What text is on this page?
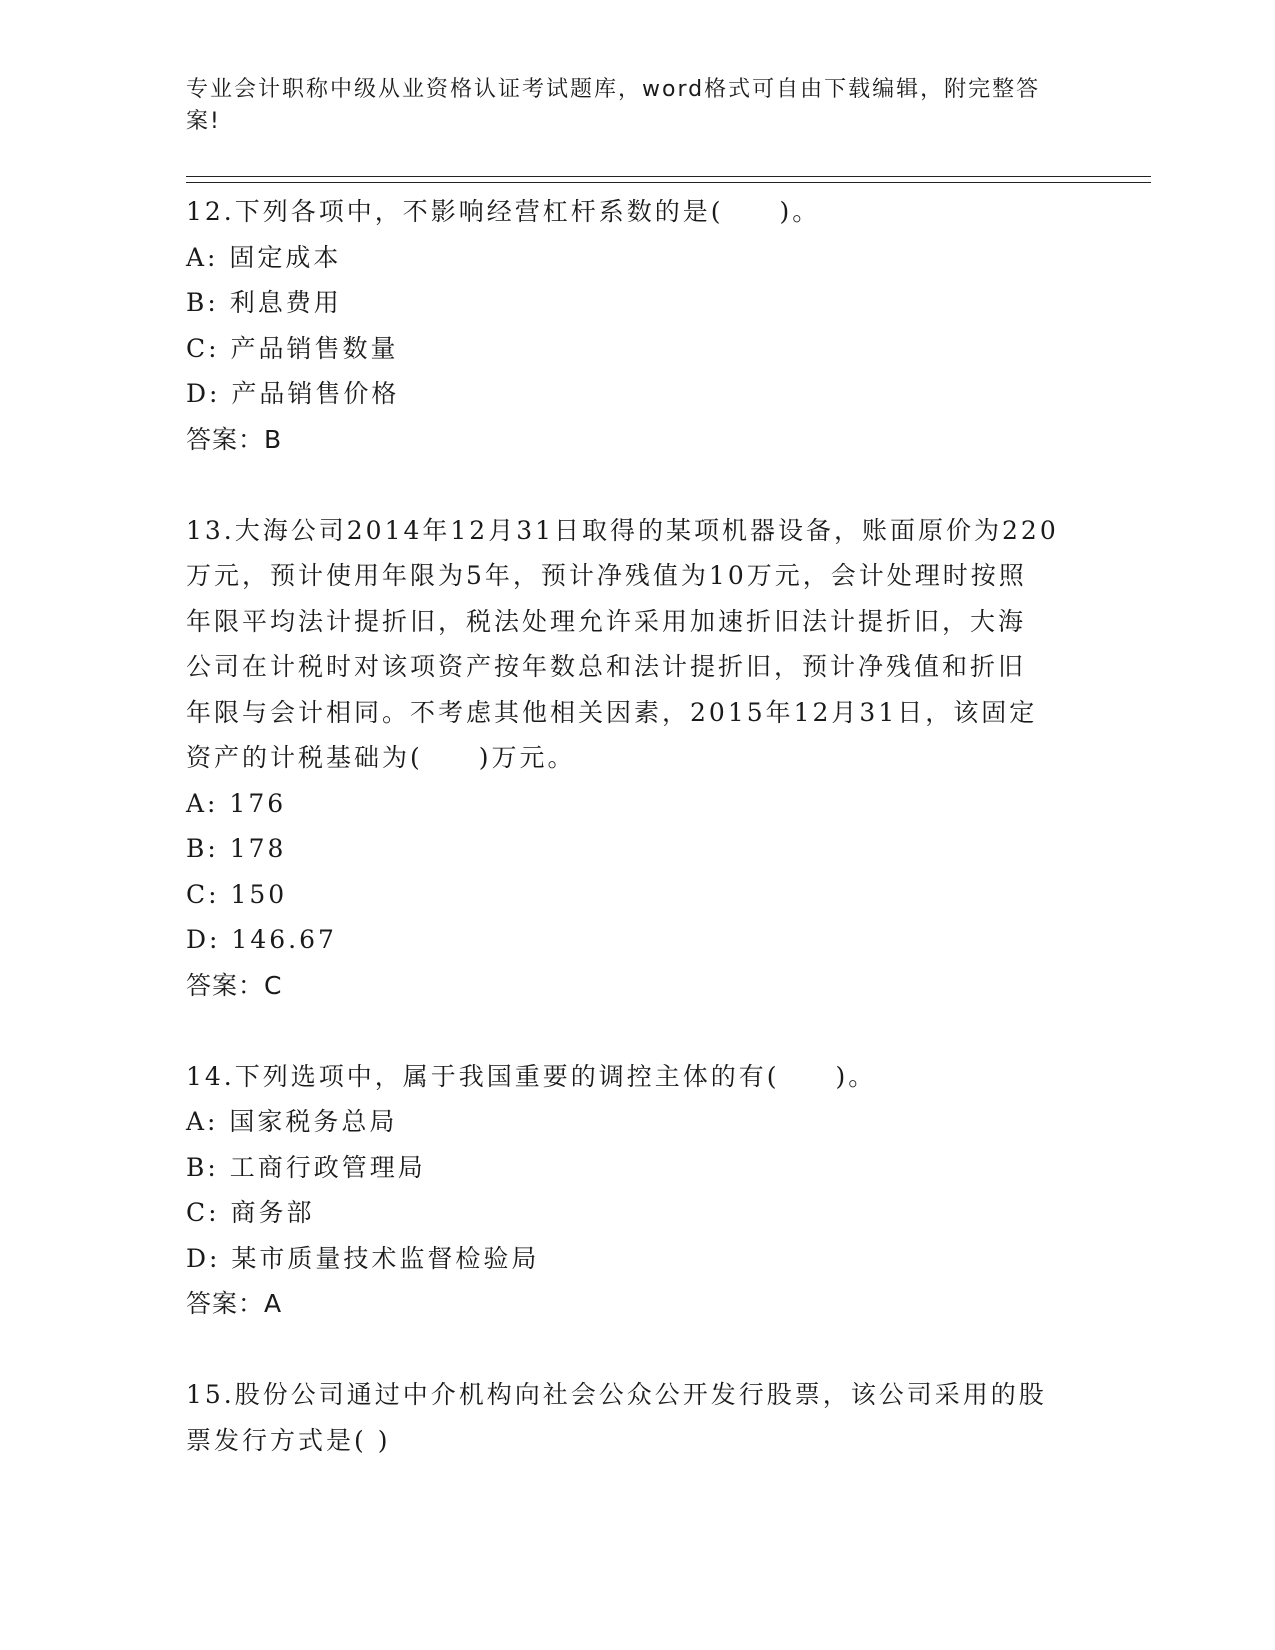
专业会计职称中级从业资格认证考试题库，word格式可自由下载编辑，附完整答
案!
12.下列各项中，不影响经营杠杆系数的是(　　)。
A: 固定成本
B: 利息费用
C: 产品销售数量
D: 产品销售价格
答案：B
13.大海公司2014年12月31日取得的某项机器设备，账面原价为220
万元，预计使用年限为5年，预计净残值为10万元，会计处理时按照
年限平均法计提折旧，税法处理允许采用加速折旧法计提折旧，大海
公司在计税时对该项资产按年数总和法计提折旧，预计净残值和折旧
年限与会计相同。不考虑其他相关因素，2015年12月31日，该固定
资产的计税基础为(　　)万元。
A: 176
B: 178
C: 150
D: 146.67
答案：C
14.下列选项中，属于我国重要的调控主体的有(　　)。
A: 国家税务总局
B: 工商行政管理局
C: 商务部
D: 某市质量技术监督检验局
答案：A
15.股份公司通过中介机构向社会公众公开发行股票，该公司采用的股
票发行方式是( )
